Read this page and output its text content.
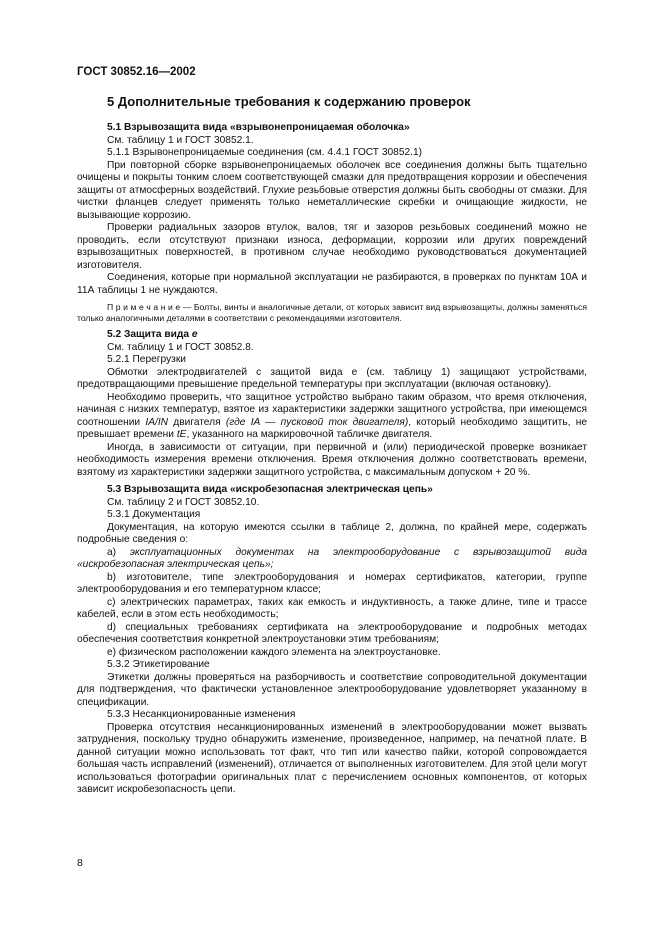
ГОСТ 30852.16—2002
5 Дополнительные требования к содержанию проверок

5.1 Взрывозащита вида «взрывонепроницаемая оболочка»

См. таблицу 1 и ГОСТ 30852.1.

5.1.1 Взрывонепроницаемые соединения (см. 4.4.1 ГОСТ 30852.1)

При повторной сборке взрывонепроницаемых оболочек все соединения должны быть тщательно очищены и покрыты тонким слоем соответствующей смазки для предотвращения коррозии и обеспечения защиты от атмосферных воздействий. Глухие резьбовые отверстия должны быть свободны от смазки. Для чистки фланцев следует применять только неметаллические скребки и очищающие жидкости, не вызывающие коррозию.

Проверки радиальных зазоров втулок, валов, тяг и зазоров резьбовых соединений можно не проводить, если отсутствуют признаки износа, деформации, коррозии или других повреждений взрывозащитных поверхностей, в противном случае необходимо руководствоваться документацией изготовителя.

Соединения, которые при нормальной эксплуатации не разбираются, в проверках по пунктам 10А и 11А таблицы 1 не нуждаются.

П р и м е ч а н и е — Болты, винты и аналогичные детали, от которых зависит вид взрывозащиты, должны заменяться только аналогичными деталями в соответствии с рекомендациями изготовителя.

5.2 Защита вида е

См. таблицу 1 и ГОСТ 30852.8.

5.2.1 Перегрузки

Обмотки электродвигателей с защитой вида е (см. таблицу 1) защищают устройствами, предотвращающими превышение предельной температуры при эксплуатации (включая остановку).

Необходимо проверить, что защитное устройство выбрано таким образом, что время отключения, начиная с низких температур, взятое из характеристики задержки защитного устройства, при имеющемся соотношении IA/IN двигателя (где IA — пусковой ток двигателя), который необходимо защитить, не превышает времени tE, указанного на маркировочной табличке двигателя.

Иногда, в зависимости от ситуации, при первичной и (или) периодической проверке возникает необходимость измерения времени отключения. Время отключения должно соответствовать времени, взятому из характеристики задержки защитного устройства, с максимальным допуском + 20 %.

5.3 Взрывозащита вида «искробезопасная электрическая цепь»

См. таблицу 2 и ГОСТ 30852.10.

5.3.1 Документация

Документация, на которую имеются ссылки в таблице 2, должна, по крайней мере, содержать подробные сведения о:

а) эксплуатационных документах на электрооборудование с взрывозащитой вида «искробезопасная электрическая цепь»;

b) изготовителе, типе электрооборудования и номерах сертификатов, категории, группе электрооборудования и его температурном классе;

с) электрических параметрах, таких как емкость и индуктивность, а также длине, типе и трассе кабелей, если в этом есть необходимость;

d) специальных требованиях сертификата на электрооборудование и подробных методах обеспечения соответствия конкретной электроустановки этим требованиям;

е) физическом расположении каждого элемента на электроустановке.

5.3.2 Этикетирование

Этикетки должны проверяться на разборчивость и соответствие сопроводительной документации для подтверждения, что фактически установленное электрооборудование удовлетворяет указанному в спецификации.

5.3.3 Несанкционированные изменения

Проверка отсутствия несанкционированных изменений в электрооборудовании может вызвать затруднения, поскольку трудно обнаружить изменение, произведенное, например, на печатной плате. В данной ситуации можно использовать тот факт, что тип или качество пайки, которой сопровождается большая часть исправлений (изменений), отличается от выполненных изготовителем. Для этой цели могут использоваться фотографии оригинальных плат с перечислением основных компонентов, от которых зависит искробезопасность цепи.

8
